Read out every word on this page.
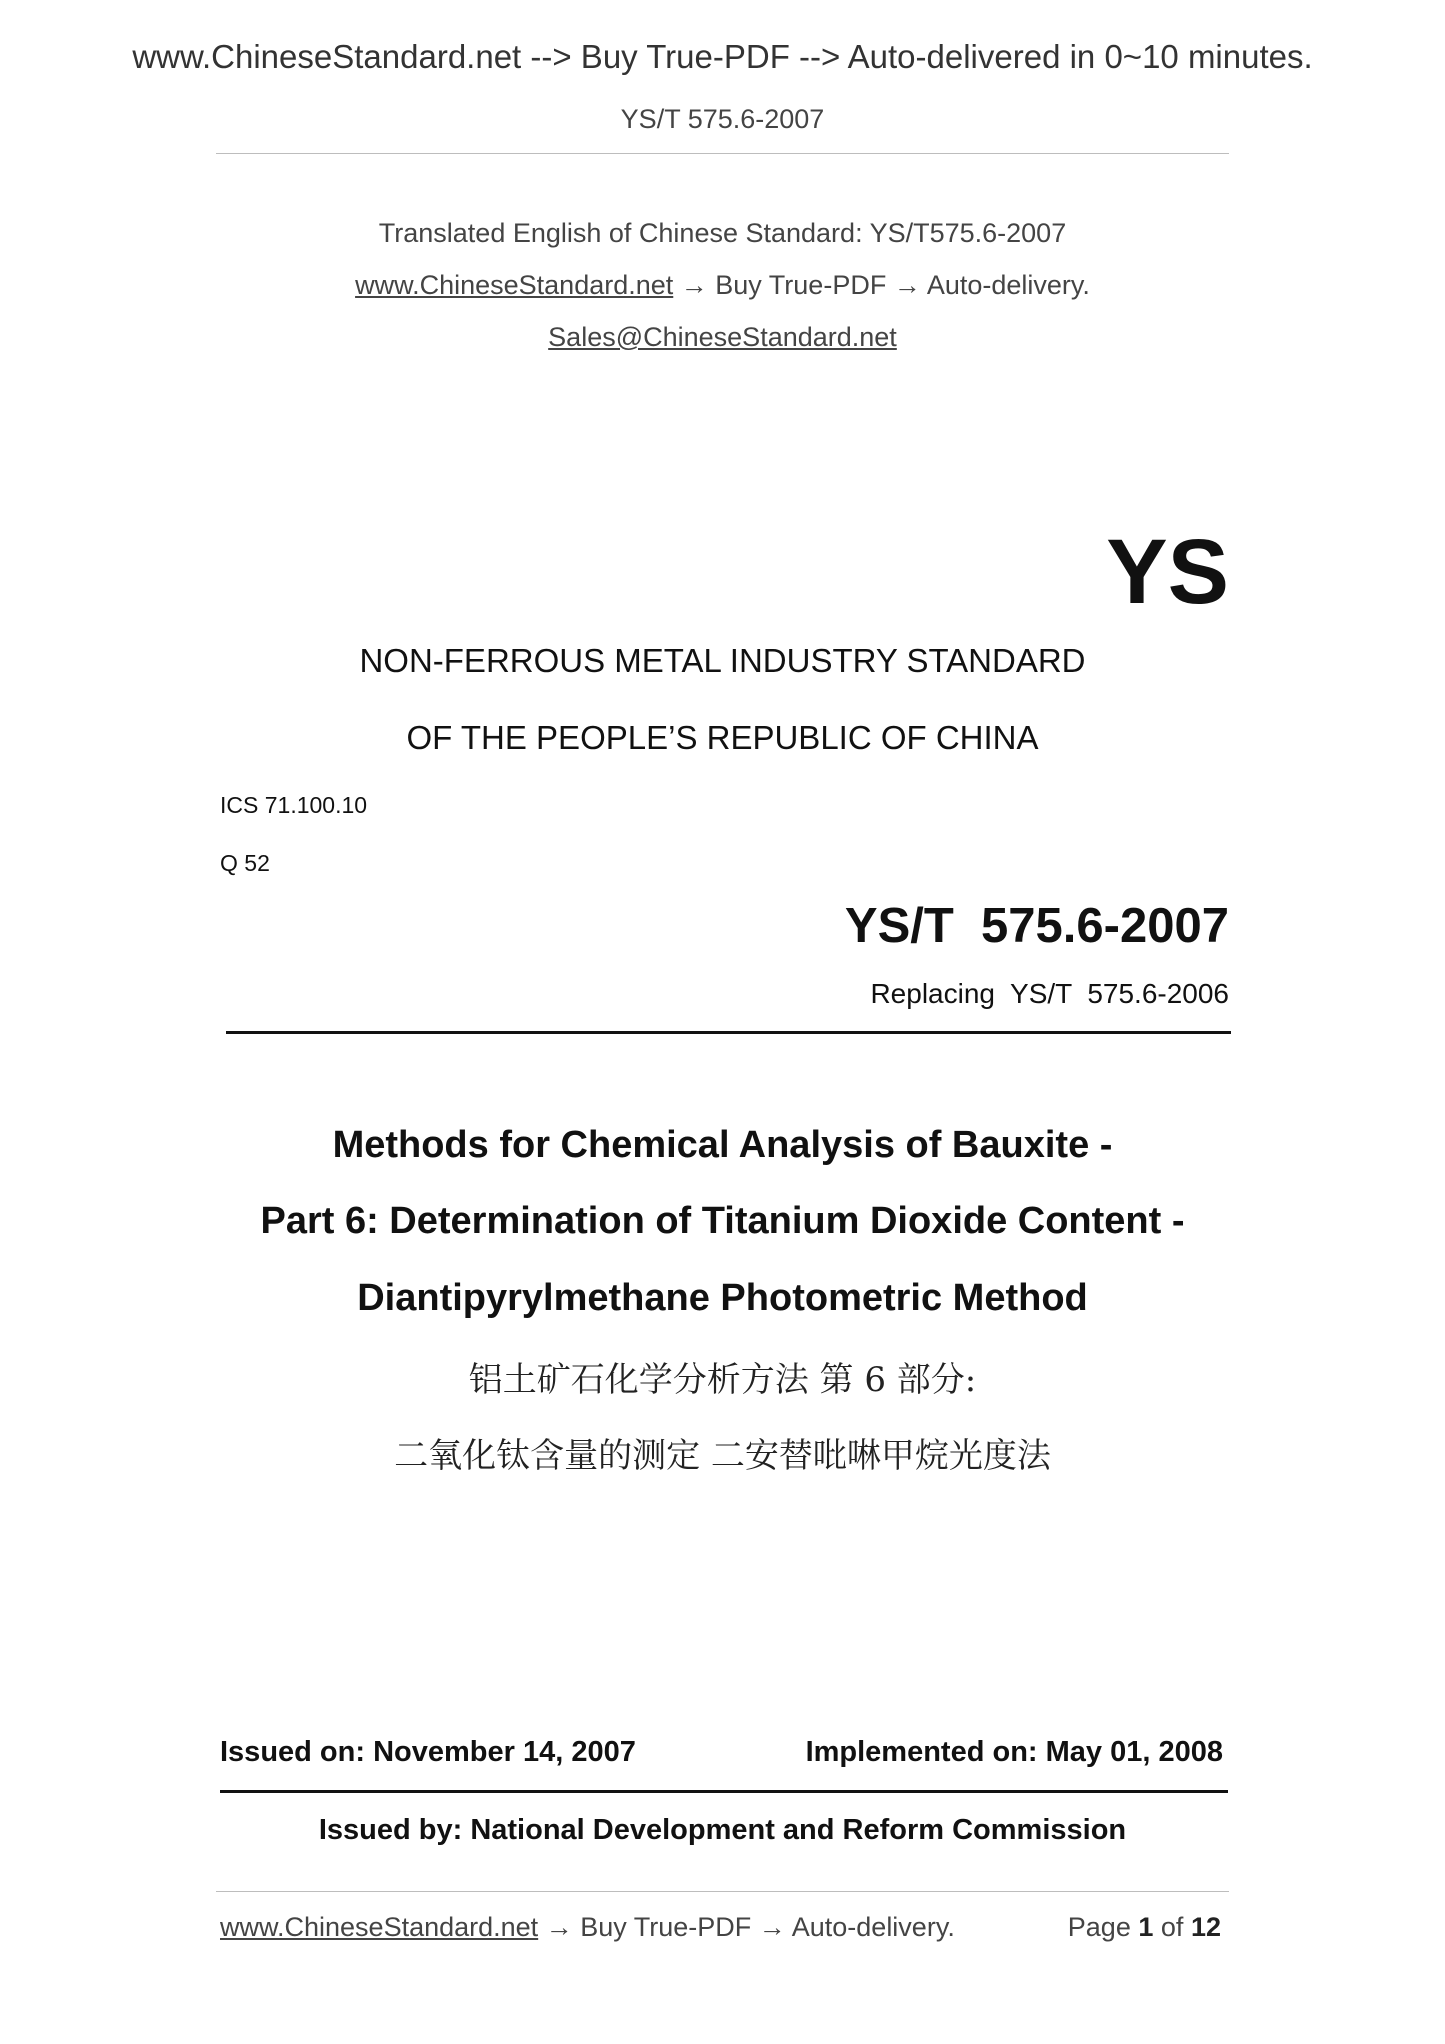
www.ChineseStandard.net --> Buy True-PDF --> Auto-delivered in 0~10 minutes.
YS/T 575.6-2007
Translated English of Chinese Standard: YS/T575.6-2007
www.ChineseStandard.net → Buy True-PDF → Auto-delivery.
Sales@ChineseStandard.net
YS
NON-FERROUS METAL INDUSTRY STANDARD
OF THE PEOPLE’S REPUBLIC OF CHINA
ICS 71.100.10
Q 52
YS/T  575.6-2007
Replacing  YS/T  575.6-2006
Methods for Chemical Analysis of Bauxite -
Part 6: Determination of Titanium Dioxide Content -
Diantipyrylmethane Photometric Method
铝土矿石化学分析方法 第 6 部分:
二氧化钛含量的测定 二安替吡啉甲烷光度法
Issued on: November 14, 2007	Implemented on: May 01, 2008
Issued by: National Development and Reform Commission
www.ChineseStandard.net → Buy True-PDF → Auto-delivery.	Page 1 of 12
